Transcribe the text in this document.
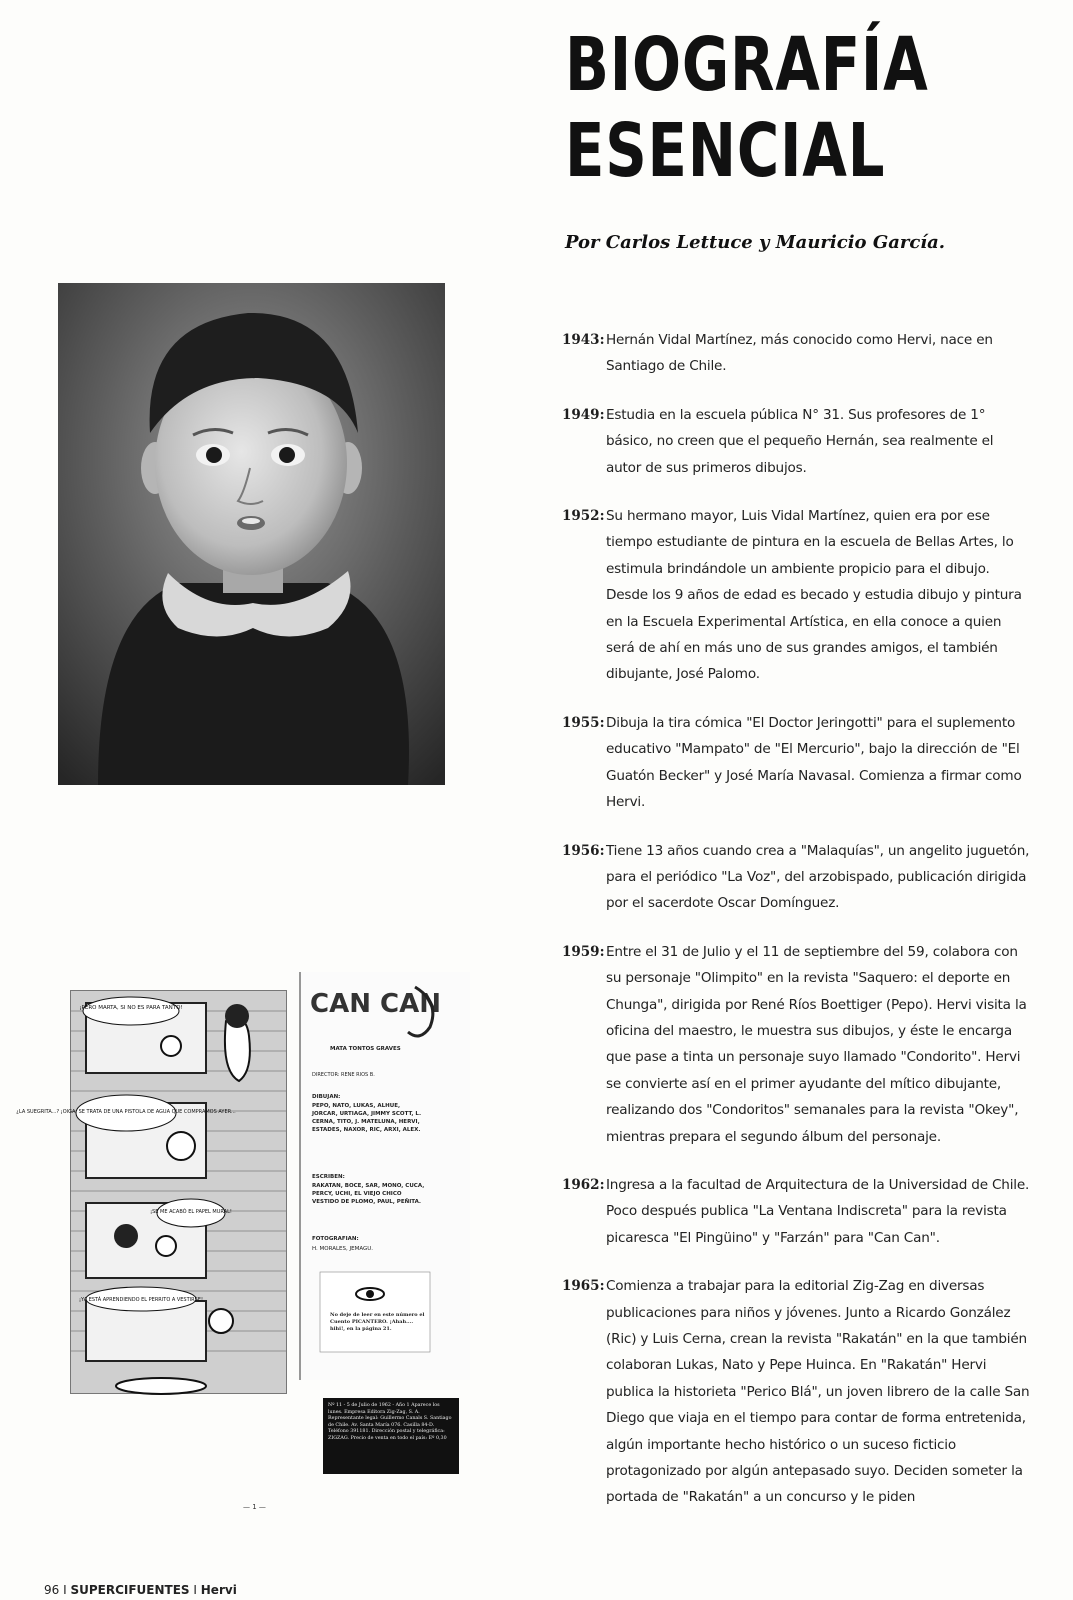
BIOGRAFÍA
ESENCIAL
Por Carlos Lettuce y Mauricio García.
¡PERO MARTA, SI NO ES PARA TANTO!
¿LA SUEGRITA...? ¡OIGA, SE TRATA DE UNA PISTOLA DE AGUA QUE COMPRAMOS AYER...
¡SE ME ACABÓ EL PAPEL MURAL!
¡YA ESTÁ APRENDIENDO EL PERRITO A VESTIRSE!
CAN CAN
MATA TONTOS GRAVES
DIRECTOR: RENE RIOS B.
DIBUJAN:
PEPO, NATO, LUKAS, ALHUE, JORCAR, URTIAGA, JIMMY SCOTT, L. CERNA, TITO, J. MATELUNA, HERVI, ESTADES, NAXOR, RIC, ARXI, ALEX.
ESCRIBEN:
RAKATAN, BOCE, SAR, MONO, CUCA, PERCY, UCHI, EL VIEJO CHICO VESTIDO DE PLOMO, PAUL, PEÑITA.
FOTOGRAFIAN:
H. MORALES, JEMAGU.
No deje de leer en este número el Cuento PICANTERO. ¡Ahah.... hihi!, en la página 21.
Nº 11 - 5 de Julio de 1962 - Año 1 Aparece los lunes. Empresa Editora Zig-Zag, S. A. Representante legal: Guillermo Canals S. Santiago de Chile. Av. Santa María 076. Casilla 84-D. Teléfono 391181. Dirección postal y telegráfica: ZIGZAG. Precio de venta en todo el país: Eº 0,30
— 1 —
1943: Hernán Vidal Martínez, más conocido como Hervi, nace en Santiago de Chile.
1949: Estudia en la escuela pública N° 31. Sus profesores de 1° básico, no creen que el pequeño Hernán, sea realmente el autor de sus primeros dibujos.
1952: Su hermano mayor, Luis Vidal Martínez, quien era por ese tiempo estudiante de pintura en la escuela de Bellas Artes, lo estimula brindándole un ambiente propicio para el dibujo. Desde los 9 años de edad es becado y estudia dibujo y pintura en la Escuela Experimental Artística, en ella conoce a quien será de ahí en más uno de sus grandes amigos, el también dibujante, José Palomo.
1955: Dibuja la tira cómica "El Doctor Jeringotti" para el suplemento educativo "Mampato" de "El Mercurio", bajo la dirección de "El Guatón Becker" y José María Navasal. Comienza a firmar como Hervi.
1956: Tiene 13 años cuando crea a "Malaquías", un angelito juguetón, para el periódico "La Voz", del arzobispado, publicación dirigida por el sacerdote Oscar Domínguez.
1959: Entre el 31 de Julio y el 11 de septiembre del 59, colabora con su personaje "Olimpito" en la revista "Saquero: el deporte en Chunga", dirigida por René Ríos Boettiger (Pepo). Hervi visita la oficina del maestro, le muestra sus dibujos, y éste le encarga que pase a tinta un personaje suyo llamado "Condorito". Hervi se convierte así en el primer ayudante del mítico dibujante, realizando dos "Condoritos" semanales para la revista "Okey", mientras prepara el segundo álbum del personaje.
1962: Ingresa a la facultad de Arquitectura de la Universidad de Chile. Poco después publica "La Ventana Indiscreta" para la revista picaresca "El Pingüino" y "Farzán" para "Can Can".
1965: Comienza a trabajar para la editorial Zig-Zag en diversas publicaciones para niños y jóvenes. Junto a Ricardo González (Ric) y Luis Cerna, crean la revista "Rakatán" en la que también colaboran Lukas, Nato y Pepe Huinca. En "Rakatán" Hervi publica la historieta "Perico Blá", un joven librero de la calle San Diego que viaja en el tiempo para contar de forma entretenida, algún importante hecho histórico o un suceso ficticio protagonizado por algún antepasado suyo. Deciden someter la portada de "Rakatán" a un concurso y le piden
96 I SUPERCIFUENTES I Hervi
